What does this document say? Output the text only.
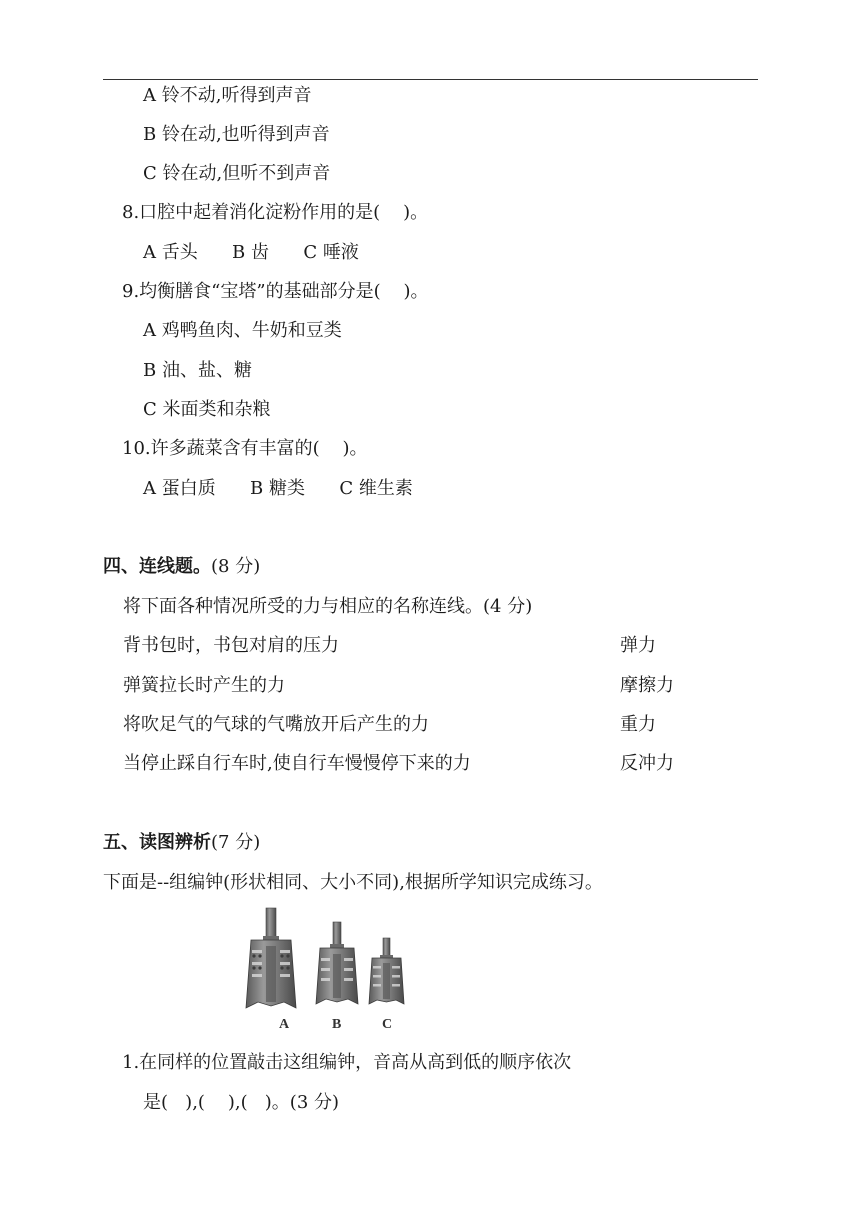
A 铃不动,听得到声音
B 铃在动,也听得到声音
C 铃在动,但听不到声音
8.口腔中起着消化淀粉作用的是(    )。
A 舌头      B 齿      C 唾液
9.均衡膳食“宝塔”的基础部分是(    )。
A 鸡鸭鱼肉、牛奶和豆类
B 油、盐、糖
C 米面类和杂粮
10.许多蔬菜含有丰富的(    )。
A 蛋白质      B 糖类      C 维生素
四、连线题。(8 分)
将下面各种情况所受的力与相应的名称连线。(4 分)
背书包时，书包对肩的压力	弹力
弹簧拉长时产生的力	摩擦力
将吹足气的气球的气嘴放开后产生的力	重力
当停止踩自行车时,使自行车慢慢停下来的力	反冲力
五、读图辨析(7 分)
下面是--组编钟(形状相同、大小不同),根据所学知识完成练习。
A	B	C
1.在同样的位置敲击这组编钟，音高从高到低的顺序依次
是(   ),(    ),(   )。(3 分)
